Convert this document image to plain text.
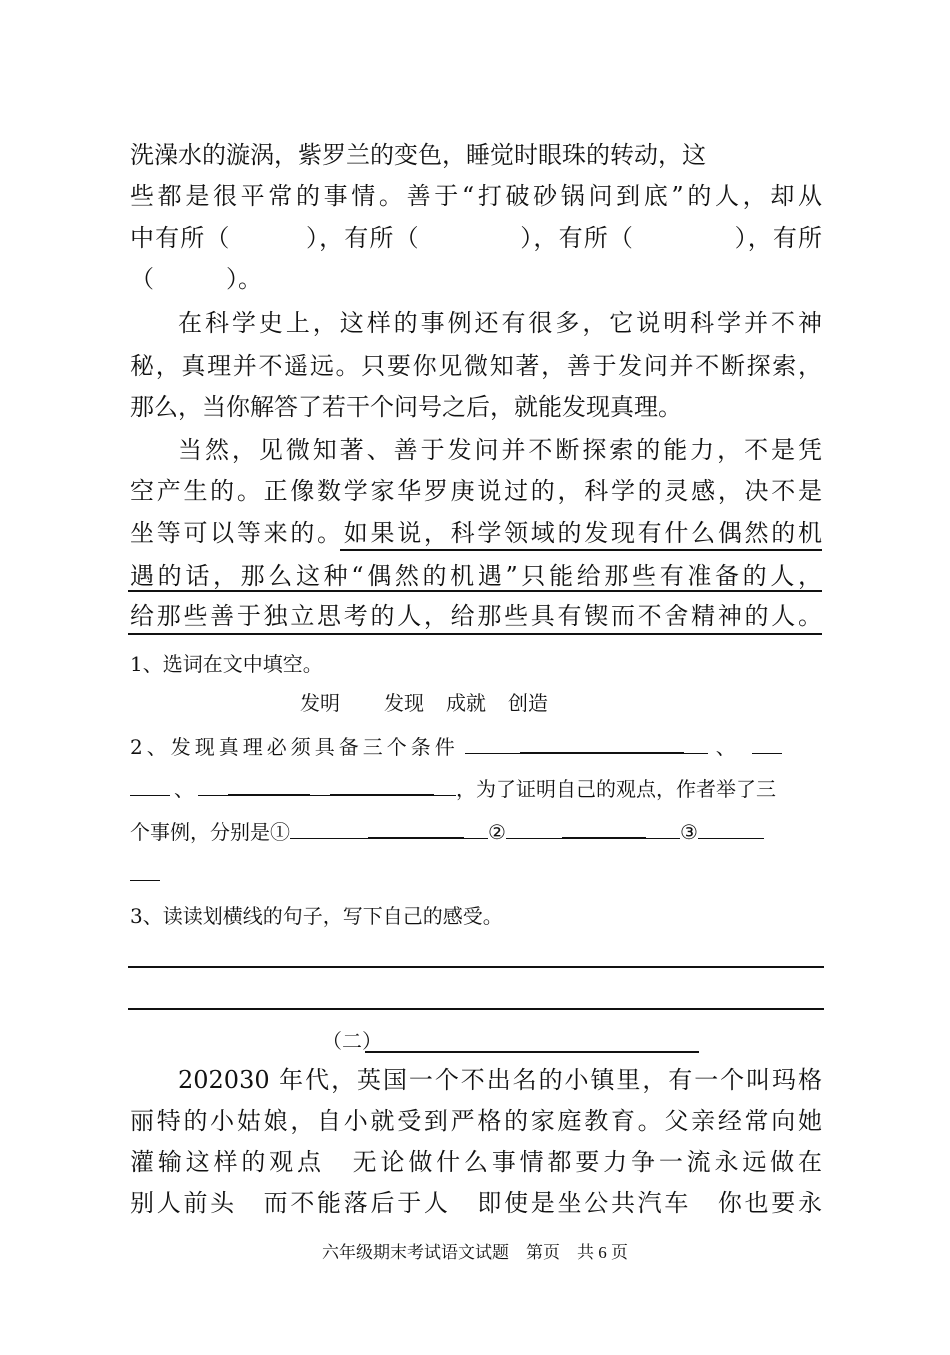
洗澡水的漩涡，紫罗兰的变色，睡觉时眼珠的转动，这
些都是很平常的事情。善于“打破砂锅问到底”的人，却从
中有所（　　　），有所（　　　　），有所（　　　　），有所
（　　　）。
在科学史上，这样的事例还有很多，它说明科学并不神
秘，真理并不遥远。只要你见微知著，善于发问并不断探索，
那么，当你解答了若干个问号之后，就能发现真理。
当然，见微知著、善于发问并不断探索的能力，不是凭
空产生的。正像数学家华罗庚说过的，科学的灵感，决不是
坐等可以等来的。如果说，科学领域的发现有什么偶然的机
遇的话，那么这种“偶然的机遇”只能给那些有准备的人，
给那些善于独立思考的人，给那些具有锲而不舍精神的人。
1、选词在文中填空。
发明 发现 成就 创造
2、发现真理必须具备三个条件	、
、	，为了证明自己的观点，作者举了三
个事例，分别是①	②	③
3、读读划横线的句子，写下自己的感受。
（二）
202030 年代，英国一个不出名的小镇里，有一个叫玛格
丽特的小姑娘，自小就受到严格的家庭教育。父亲经常向她
灌输这样的观点　无论做什么事情都要力争一流永远做在
别人前头　而不能落后于人　即使是坐公共汽车　你也要永
六年级期末考试语文试题　第页　共 6 页
